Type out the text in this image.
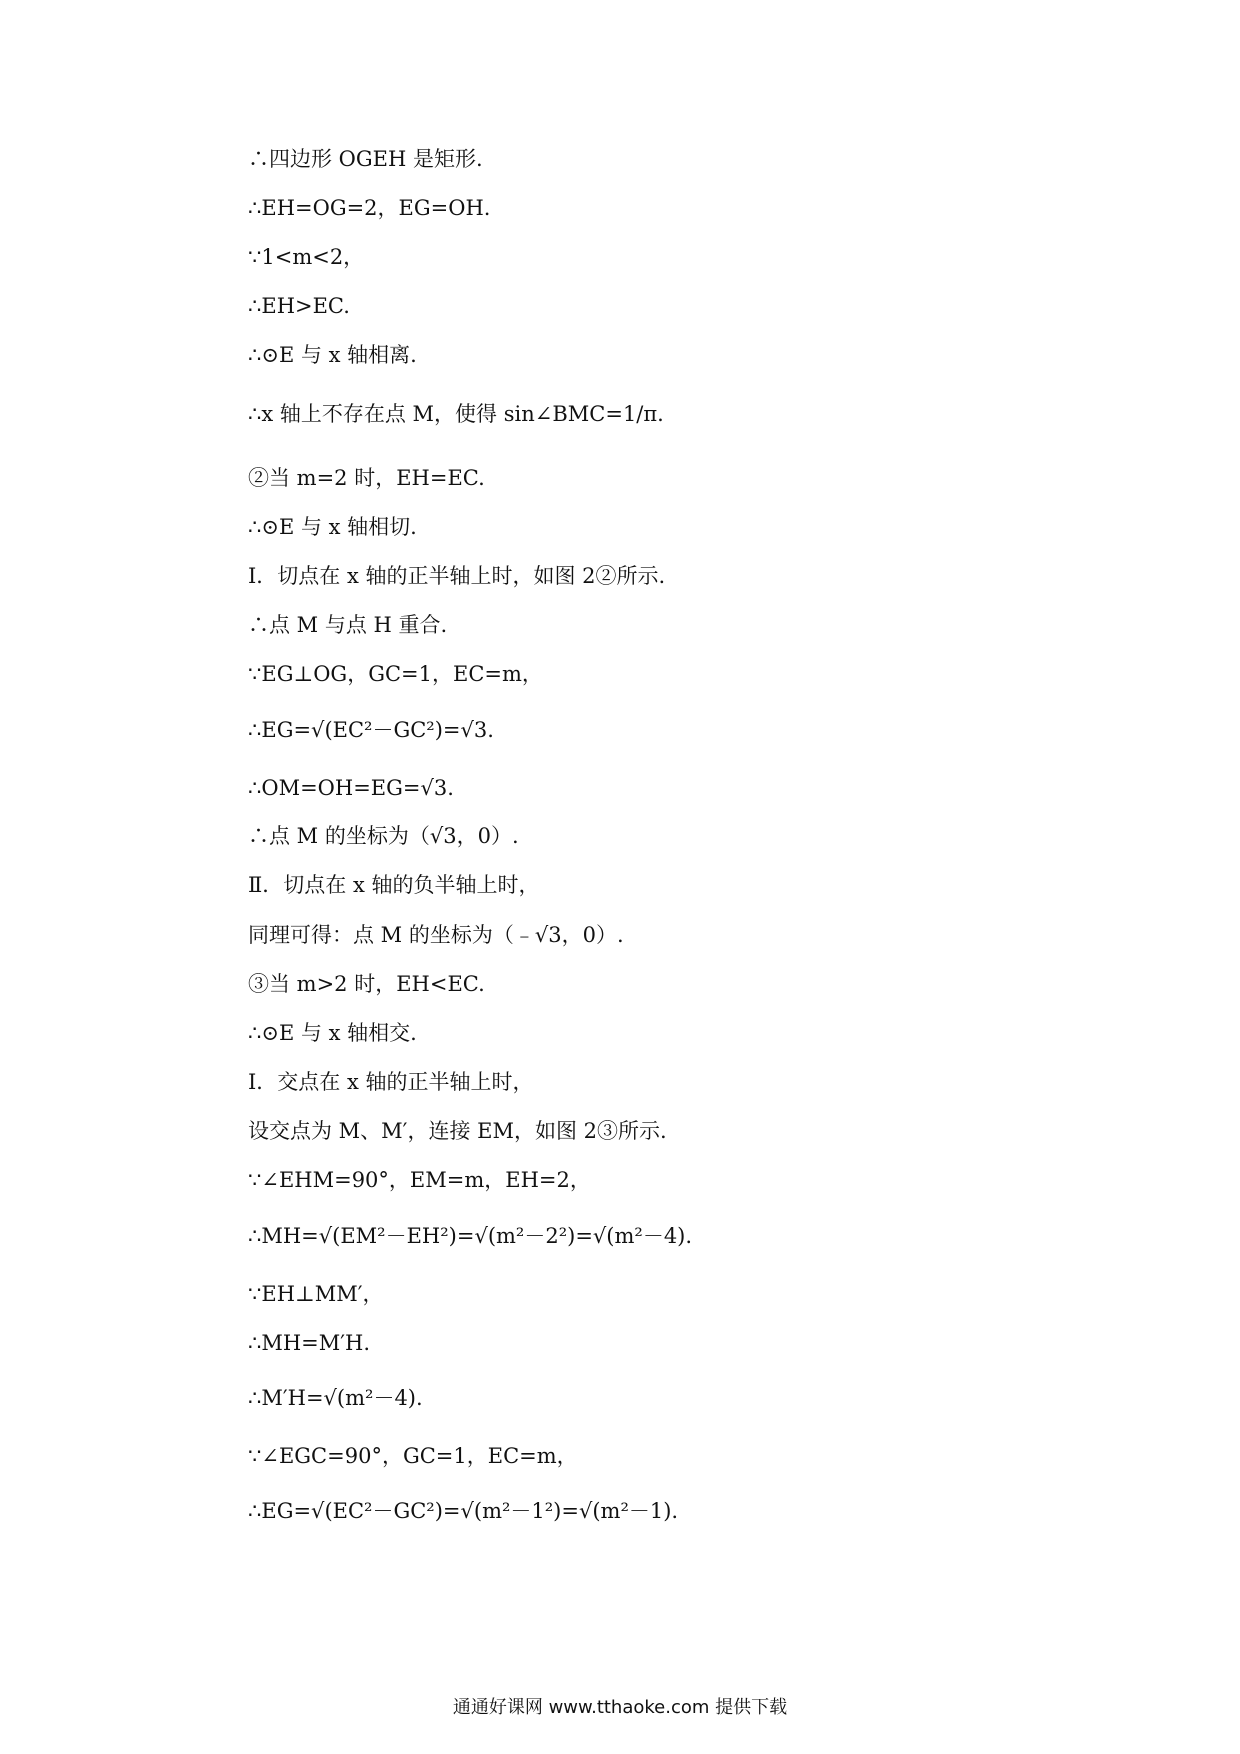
∴四边形 OGEH 是矩形.
∴EH=OG=2，EG=OH.
∵1<m<2，
∴EH>EC.
∴⊙E 与 x 轴相离.
∴x 轴上不存在点 M，使得 sin∠BMC=1/π.
②当 m=2 时，EH=EC.
∴⊙E 与 x 轴相切.
Ⅰ．切点在 x 轴的正半轴上时，如图 2②所示.
∴点 M 与点 H 重合.
∵EG⊥OG，GC=1，EC=m，
∴EG=√(EC²－GC²)=√3.
∴OM=OH=EG=√3.
∴点 M 的坐标为（√3，0）.
Ⅱ．切点在 x 轴的负半轴上时，
同理可得：点 M 的坐标为（﹣√3，0）.
③当 m>2 时，EH<EC.
∴⊙E 与 x 轴相交.
Ⅰ．交点在 x 轴的正半轴上时，
设交点为 M、M′，连接 EM，如图 2③所示.
∵∠EHM=90°，EM=m，EH=2，
∴MH=√(EM²－EH²)=√(m²－2²)=√(m²－4).
∵EH⊥MM′，
∴MH=M′H.
∴M′H=√(m²－4).
∵∠EGC=90°，GC=1，EC=m，
∴EG=√(EC²－GC²)=√(m²－1²)=√(m²－1).
通通好课网 www.tthaoke.com 提供下载
